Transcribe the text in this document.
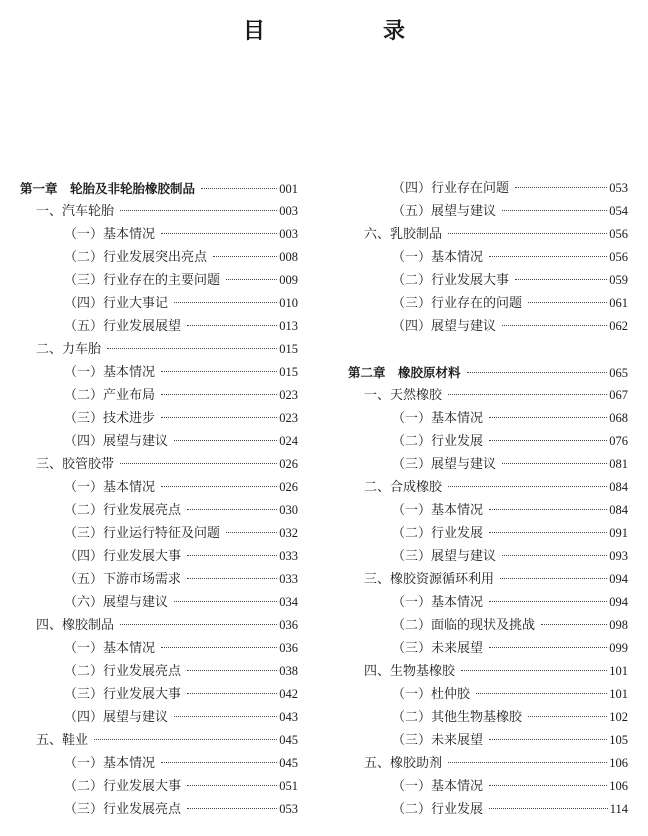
目　录
第一章　轮胎及非轮胎橡胶制品	001
一、汽车轮胎	003
（一）基本情况	003
（二）行业发展突出亮点	008
（三）行业存在的主要问题	009
（四）行业大事记	010
（五）行业发展展望	013
二、力车胎	015
（一）基本情况	015
（二）产业布局	023
（三）技术进步	023
（四）展望与建议	024
三、胶管胶带	026
（一）基本情况	026
（二）行业发展亮点	030
（三）行业运行特征及问题	032
（四）行业发展大事	033
（五）下游市场需求	033
（六）展望与建议	034
四、橡胶制品	036
（一）基本情况	036
（二）行业发展亮点	038
（三）行业发展大事	042
（四）展望与建议	043
五、鞋业	045
（一）基本情况	045
（二）行业发展大事	051
（三）行业发展亮点	053
（四）行业存在问题	053
（五）展望与建议	054
六、乳胶制品	056
（一）基本情况	056
（二）行业发展大事	059
（三）行业存在的问题	061
（四）展望与建议	062
第二章　橡胶原材料	065
一、天然橡胶	067
（一）基本情况	068
（二）行业发展	076
（三）展望与建议	081
二、合成橡胶	084
（一）基本情况	084
（二）行业发展	091
（三）展望与建议	093
三、橡胶资源循环利用	094
（一）基本情况	094
（二）面临的现状及挑战	098
（三）未来展望	099
四、生物基橡胶	101
（一）杜仲胶	101
（二）其他生物基橡胶	102
（三）未来展望	105
五、橡胶助剂	106
（一）基本情况	106
（二）行业发展	114
